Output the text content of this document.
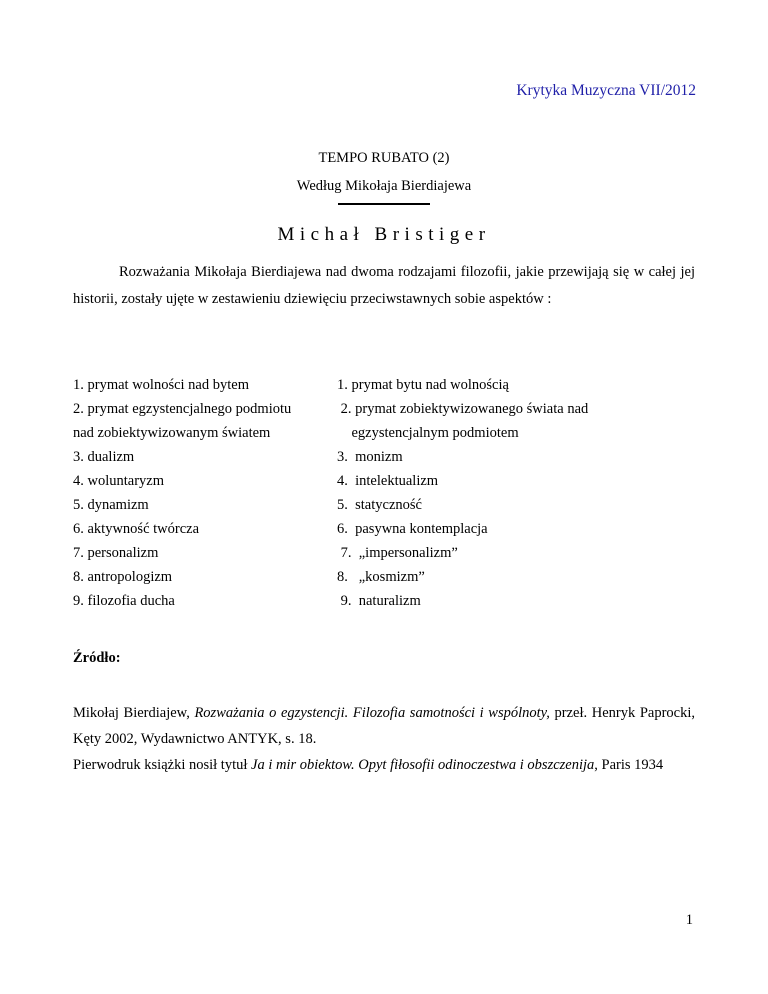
Krytyka Muzyczna VII/2012
TEMPO RUBATO (2)
Według Mikołaja Bierdiajewa
Michał Bristiger
Rozważania Mikołaja Bierdiajewa nad dwoma rodzajami filozofii, jakie przewijają się w całej jej historii, zostały ujęte w zestawieniu dziewięciu przeciwstawnych sobie aspektów :
1. prymat wolności nad bytem	1. prymat bytu nad wolnością
2. prymat egzystencjalnego podmiotu	2. prymat zobiektywizowanego świata nad
nad zobiektywizowanym światem	egzystencjalnym podmiotem
3. dualizm	3.  monizm
4. woluntaryzm	4.  intelektualizm
5. dynamizm	5.  statyczność
6. aktywność twórcza	6.  pasywna kontemplacja
7. personalizm	7.  „impersonalizm”
8. antropologizm	8.   „kosmizm”
9. filozofia ducha	9.  naturalizm
Źródło:

Mikołaj Bierdiajew, Rozważania o egzystencji. Filozofia samotności i wspólnoty, przeł. Henryk Paprocki, Kęty 2002, Wydawnictwo ANTYK, s. 18.

Pierwodruk książki nosił tytuł Ja i mir obiektow. Opyt fiłosofii odinoczestwa i obszczenija, Paris 1934

1
